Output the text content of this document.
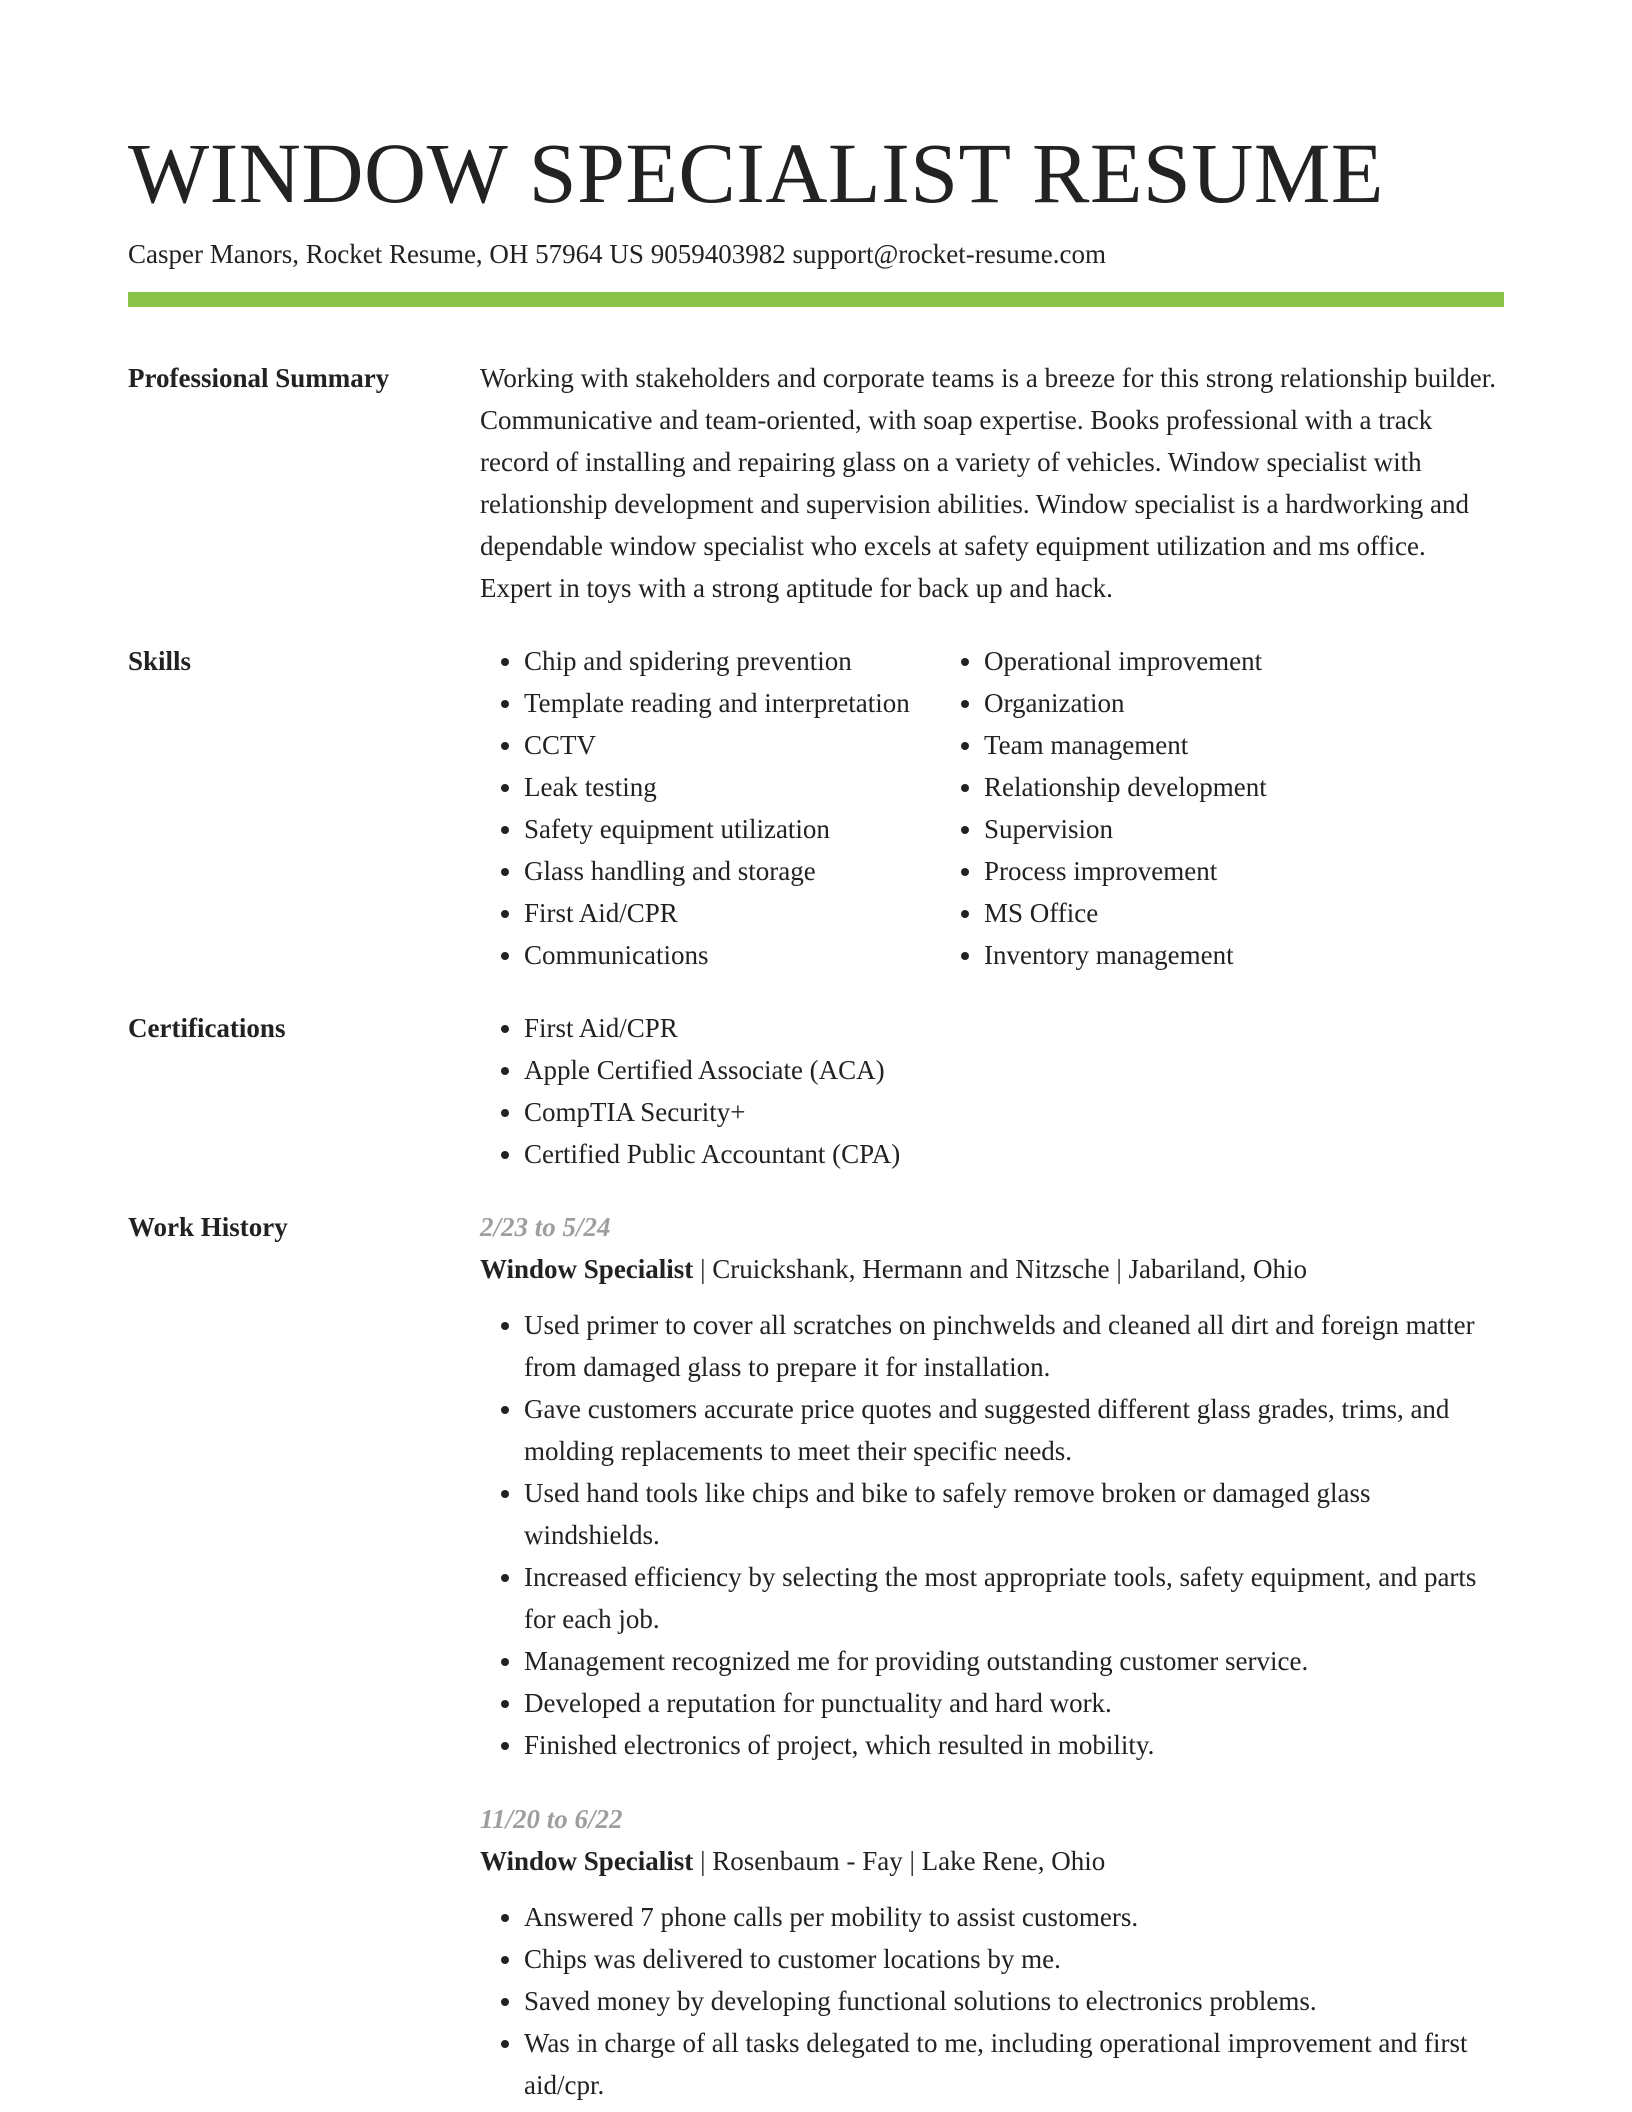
WINDOW SPECIALIST RESUME
Casper Manors, Rocket Resume, OH 57964 US 9059403982 support@rocket-resume.com
Professional Summary	Working with stakeholders and corporate teams is a breeze for this strong relationship builder. Communicative and team-oriented, with soap expertise. Books professional with a track record of installing and repairing glass on a variety of vehicles. Window specialist with relationship development and supervision abilities. Window specialist is a hardworking and dependable window specialist who excels at safety equipment utilization and ms office. Expert in toys with a strong aptitude for back up and hack.

Skills	• Chip and spidering prevention
• Template reading and interpretation
• CCTV
• Leak testing
• Safety equipment utilization
• Glass handling and storage
• First Aid/CPR
• Communications
• Operational improvement
• Organization
• Team management
• Relationship development
• Supervision
• Process improvement
• MS Office
• Inventory management
Certifications	• First Aid/CPR
• Apple Certified Associate (ACA)
• CompTIA Security+
• Certified Public Accountant (CPA)
Work History	2/23 to 5/24

Window Specialist | Cruickshank, Hermann and Nitzsche | Jabariland, Ohio

• Used primer to cover all scratches on pinchwelds and cleaned all dirt and foreign matter from damaged glass to prepare it for installation.
• Gave customers accurate price quotes and suggested different glass grades, trims, and molding replacements to meet their specific needs.
• Used hand tools like chips and bike to safely remove broken or damaged glass windshields.
• Increased efficiency by selecting the most appropriate tools, safety equipment, and parts for each job.
• Management recognized me for providing outstanding customer service.
• Developed a reputation for punctuality and hard work.
• Finished electronics of project, which resulted in mobility.
11/20 to 6/22

Window Specialist | Rosenbaum - Fay | Lake Rene, Ohio

• Answered 7 phone calls per mobility to assist customers.
• Chips was delivered to customer locations by me.
• Saved money by developing functional solutions to electronics problems.
• Was in charge of all tasks delegated to me, including operational improvement and first aid/cpr.
